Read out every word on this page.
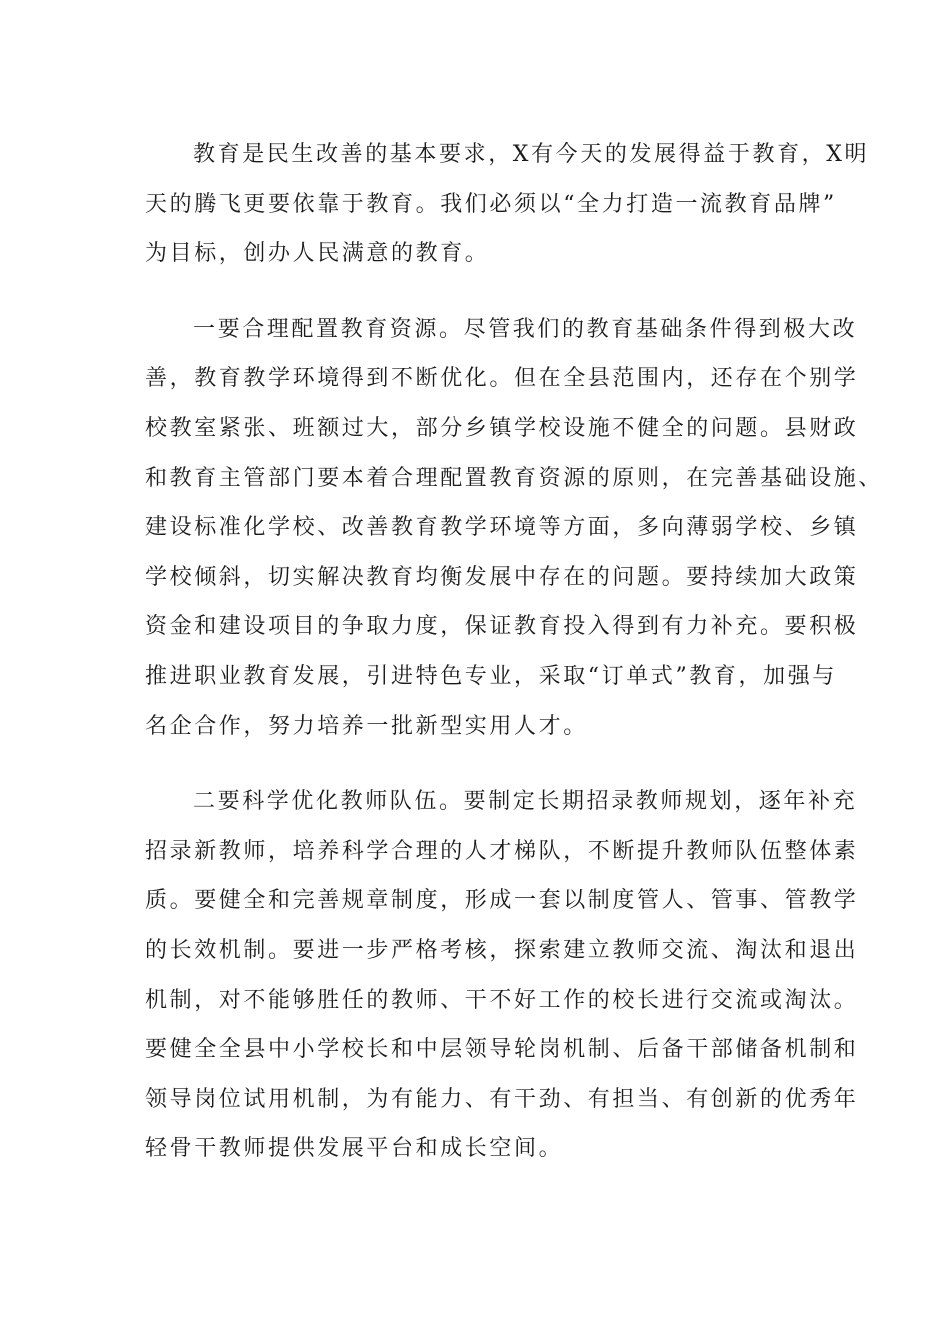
教育是民生改善的基本要求，X有今天的发展得益于教育，X明
天的腾飞更要依靠于教育。我们必须以“全力打造一流教育品牌”
为目标，创办人民满意的教育。

一要合理配置教育资源。尽管我们的教育基础条件得到极大改
善，教育教学环境得到不断优化。但在全县范围内，还存在个别学
校教室紧张、班额过大，部分乡镇学校设施不健全的问题。县财政
和教育主管部门要本着合理配置教育资源的原则，在完善基础设施、
建设标准化学校、改善教育教学环境等方面，多向薄弱学校、乡镇
学校倾斜，切实解决教育均衡发展中存在的问题。要持续加大政策
资金和建设项目的争取力度，保证教育投入得到有力补充。要积极
推进职业教育发展，引进特色专业，采取“订单式”教育，加强与
名企合作，努力培养一批新型实用人才。

二要科学优化教师队伍。要制定长期招录教师规划，逐年补充
招录新教师，培养科学合理的人才梯队，不断提升教师队伍整体素
质。要健全和完善规章制度，形成一套以制度管人、管事、管教学
的长效机制。要进一步严格考核，探索建立教师交流、淘汰和退出
机制，对不能够胜任的教师、干不好工作的校长进行交流或淘汰。
要健全全县中小学校长和中层领导轮岗机制、后备干部储备机制和
领导岗位试用机制，为有能力、有干劲、有担当、有创新的优秀年
轻骨干教师提供发展平台和成长空间。
